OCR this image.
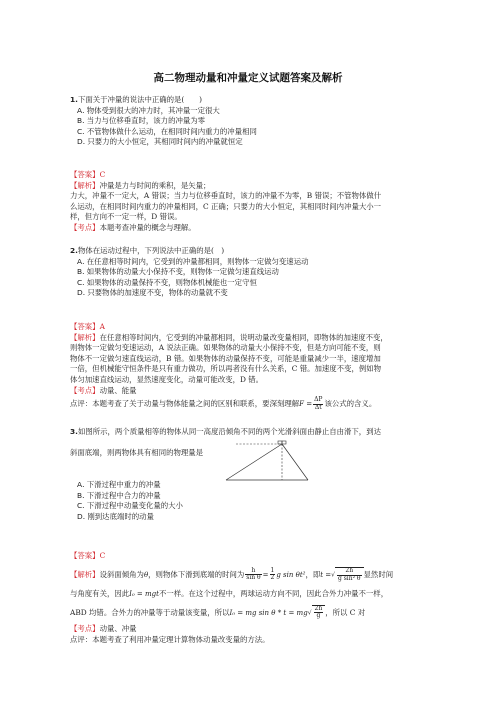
高二物理动量和冲量定义试题答案及解析
1.下面关于冲量的说法中正确的是(　　)
A. 物体受到很大的冲力时，其冲量一定很大
B. 当力与位移垂直时，该力的冲量为零
C. 不管物体做什么运动，在相同时间内重力的冲量相同
D. 只要力的大小恒定，其相同时间内的冲量就恒定
【答案】C
【解析】冲量是力与时间的乘积，是矢量；
力大，冲量不一定大，A 错误；当力与位移垂直时，该力的冲量不为零，B 错误；不管物体做什
么运动，在相同时间内重力的冲量相同，C 正确；只要力的大小恒定，其相同时间内冲量大小一
样，但方向不一定一样，D 错误。
【考点】本题考查冲量的概念与理解。
2.物体在运动过程中，下列说法中正确的是(　)
A. 在任意相等时间内，它受到的冲量都相同，则物体一定做匀变速运动
B. 如果物体的动量大小保持不变，则物体一定做匀速直线运动
C. 如果物体的动量保持不变，则物体机械能也一定守恒
D. 只要物体的加速度不变，物体的动量就不变
【答案】A
【解析】在任意相等时间内，它受到的冲量都相同，说明动量改变量相同，即物体的加速度不变，
则物体一定做匀变速运动，A 说法正确。如果物体的动量大小保持不变，但是方向可能不变，则
物体不一定做匀速直线运动，B 错。如果物体的动量保持不变，可能是重量减少一半，速度增加
一倍，但机械能守恒条件是只有重力做功，所以再者没有什么关系，C 错。加速度不变，例如物
体匀加速直线运动，显然速度变化，动量可能改变，D 错。
【考点】动量、能量
点评：本题考查了关于动量与物体能量之间的区别和联系，要深刻理解$F = \frac{\Delta P}{\Delta t}$ 该公式的含义。
3.如图所示，两个质量相等的物体从同一高度沿倾角不同的两个光滑斜面由静止自由滑下，到达
斜面底端，则两物体具有相同的物理量是
A. 下滑过程中重力的冲量
B. 下滑过程中合力的冲量
C. 下滑过程中动量变化量的大小
D. 刚到达底端时的动量
【答案】C
【解析】设斜面倾角为θ，则物体下滑到底端的时间为 $\frac{h}{\text{sin θ}} = \frac{1}{2}$ g sin θt²，即t =√ $\frac{2h}{\text{g sin² θ}}$ 显然时间
与角度有关，因此I₀ = mgt不一样。在这个过程中，两球运动方向不同，因此合外力冲量不一样，
ABD 均错。合外力的冲量等于动量该变量，所以I₀ = mg $\sin \theta * t = mg√ \frac{2h}{g}$ ，所以 C 对
【考点】动量、冲量
点评：本题考查了利用冲量定理计算物体动量改变量的方法。
